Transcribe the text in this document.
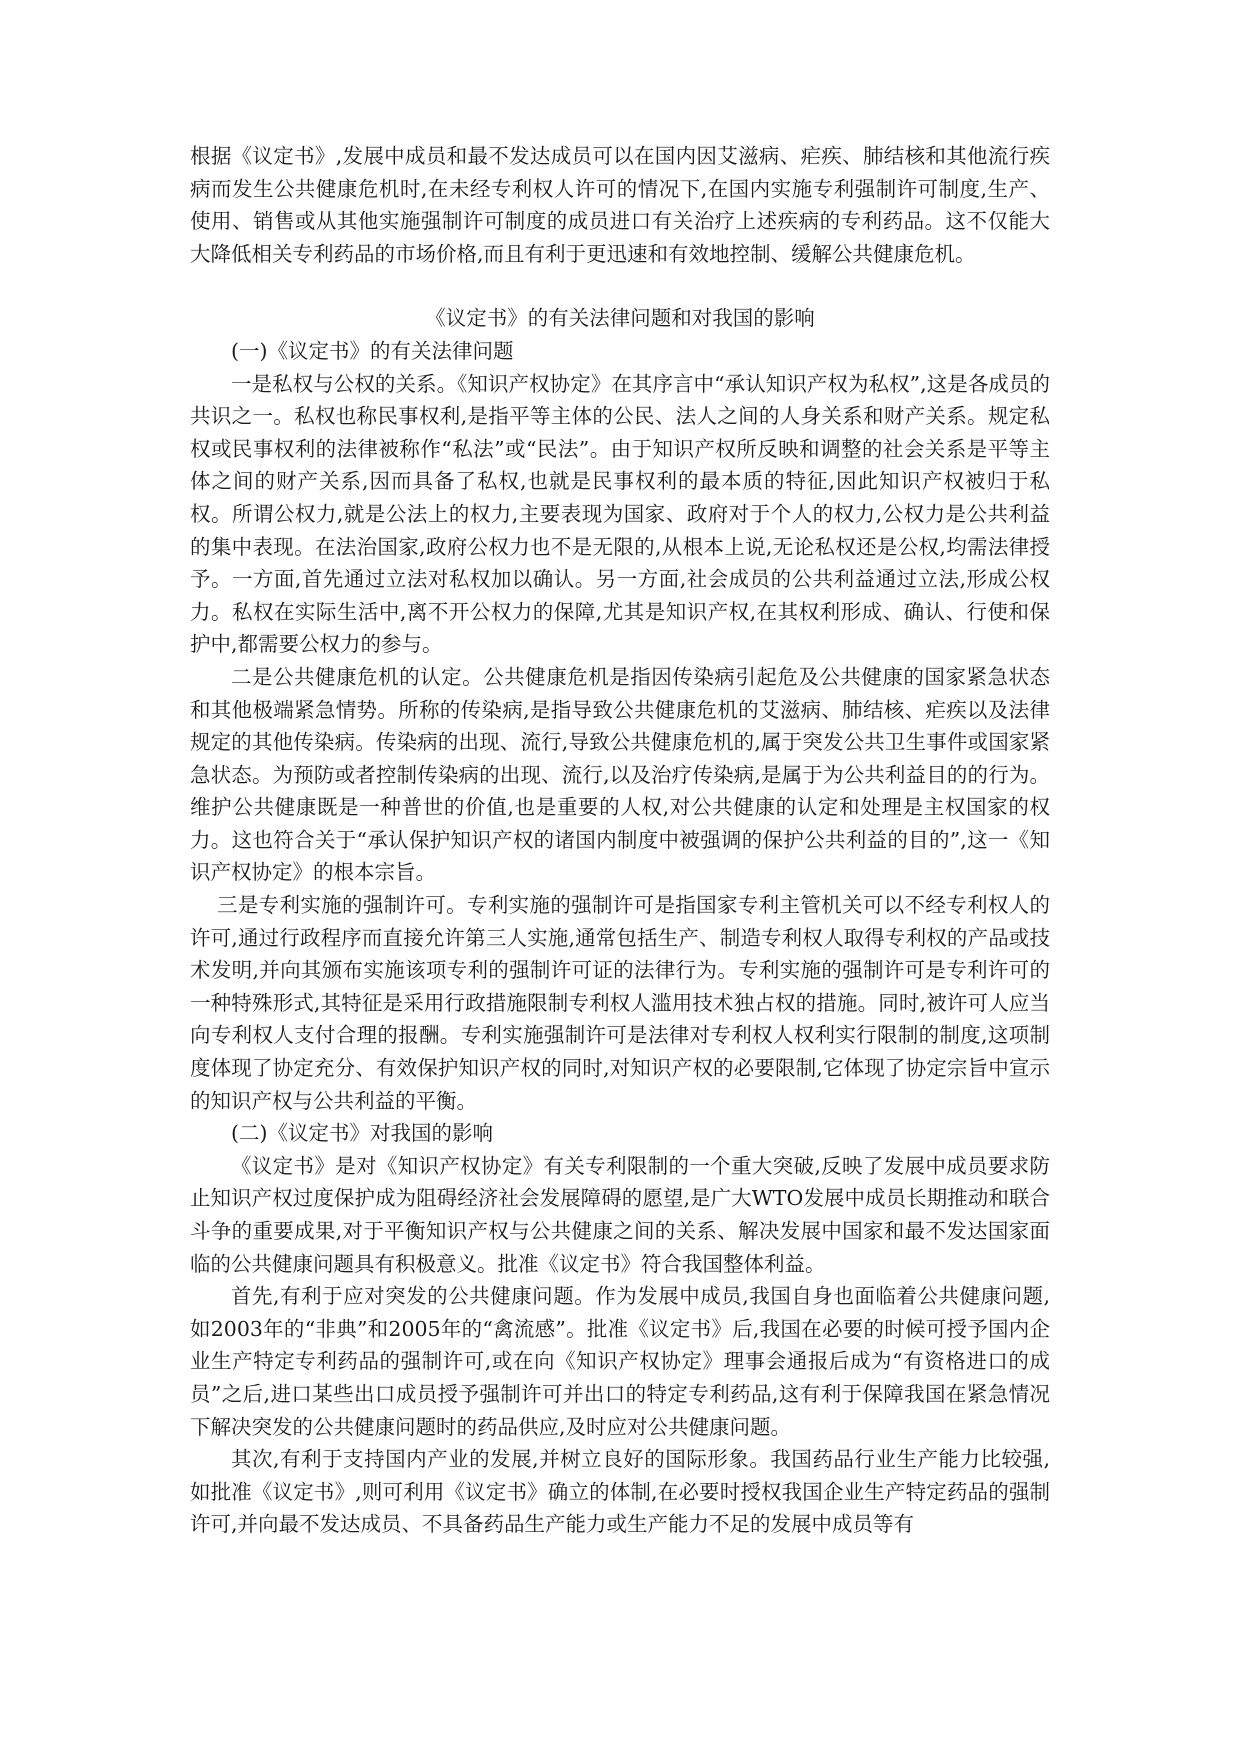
根据《议定书》,发展中成员和最不发达成员可以在国内因艾滋病、疟疾、肺结核和其他流行疾病而发生公共健康危机时,在未经专利权人许可的情况下,在国内实施专利强制许可制度,生产、使用、销售或从其他实施强制许可制度的成员进口有关治疗上述疾病的专利药品。这不仅能大大降低相关专利药品的市场价格,而且有利于更迅速和有效地控制、缓解公共健康危机。

《议定书》的有关法律问题和对我国的影响

(一)《议定书》的有关法律问题

一是私权与公权的关系。《知识产权协定》在其序言中“承认知识产权为私权”,这是各成员的共识之一。私权也称民事权利,是指平等主体的公民、法人之间的人身关系和财产关系。规定私权或民事权利的法律被称作“私法”或“民法”。由于知识产权所反映和调整的社会关系是平等主体之间的财产关系,因而具备了私权,也就是民事权利的最本质的特征,因此知识产权被归于私权。所谓公权力,就是公法上的权力,主要表现为国家、政府对于个人的权力,公权力是公共利益的集中表现。在法治国家,政府公权力也不是无限的,从根本上说,无论私权还是公权,均需法律授予。一方面,首先通过立法对私权加以确认。另一方面,社会成员的公共利益通过立法,形成公权力。私权在实际生活中,离不开公权力的保障,尤其是知识产权,在其权利形成、确认、行使和保护中,都需要公权力的参与。

二是公共健康危机的认定。公共健康危机是指因传染病引起危及公共健康的国家紧急状态和其他极端紧急情势。所称的传染病,是指导致公共健康危机的艾滋病、肺结核、疟疾以及法律规定的其他传染病。传染病的出现、流行,导致公共健康危机的,属于突发公共卫生事件或国家紧急状态。为预防或者控制传染病的出现、流行,以及治疗传染病,是属于为公共利益目的的行为。维护公共健康既是一种普世的价值,也是重要的人权,对公共健康的认定和处理是主权国家的权力。这也符合关于“承认保护知识产权的诸国内制度中被强调的保护公共利益的目的”,这一《知识产权协定》的根本宗旨。

三是专利实施的强制许可。专利实施的强制许可是指国家专利主管机关可以不经专利权人的许可,通过行政程序而直接允许第三人实施,通常包括生产、制造专利权人取得专利权的产品或技术发明,并向其颁布实施该项专利的强制许可证的法律行为。专利实施的强制许可是专利许可的一种特殊形式,其特征是采用行政措施限制专利权人滥用技术独占权的措施。同时,被许可人应当向专利权人支付合理的报酬。专利实施强制许可是法律对专利权人权利实行限制的制度,这项制度体现了协定充分、有效保护知识产权的同时,对知识产权的必要限制,它体现了协定宗旨中宣示的知识产权与公共利益的平衡。

(二)《议定书》对我国的影响

《议定书》是对《知识产权协定》有关专利限制的一个重大突破,反映了发展中成员要求防止知识产权过度保护成为阻碍经济社会发展障碍的愿望,是广大WTO发展中成员长期推动和联合斗争的重要成果,对于平衡知识产权与公共健康之间的关系、解决发展中国家和最不发达国家面临的公共健康问题具有积极意义。批准《议定书》符合我国整体利益。

首先,有利于应对突发的公共健康问题。作为发展中成员,我国自身也面临着公共健康问题,如2003年的“非典”和2005年的“禽流感”。批准《议定书》后,我国在必要的时候可授予国内企业生产特定专利药品的强制许可,或在向《知识产权协定》理事会通报后成为“有资格进口的成员”之后,进口某些出口成员授予强制许可并出口的特定专利药品,这有利于保障我国在紧急情况下解决突发的公共健康问题时的药品供应,及时应对公共健康问题。

其次,有利于支持国内产业的发展,并树立良好的国际形象。我国药品行业生产能力比较强,如批准《议定书》,则可利用《议定书》确立的体制,在必要时授权我国企业生产特定药品的强制许可,并向最不发达成员、不具备药品生产能力或生产能力不足的发展中成员等有
